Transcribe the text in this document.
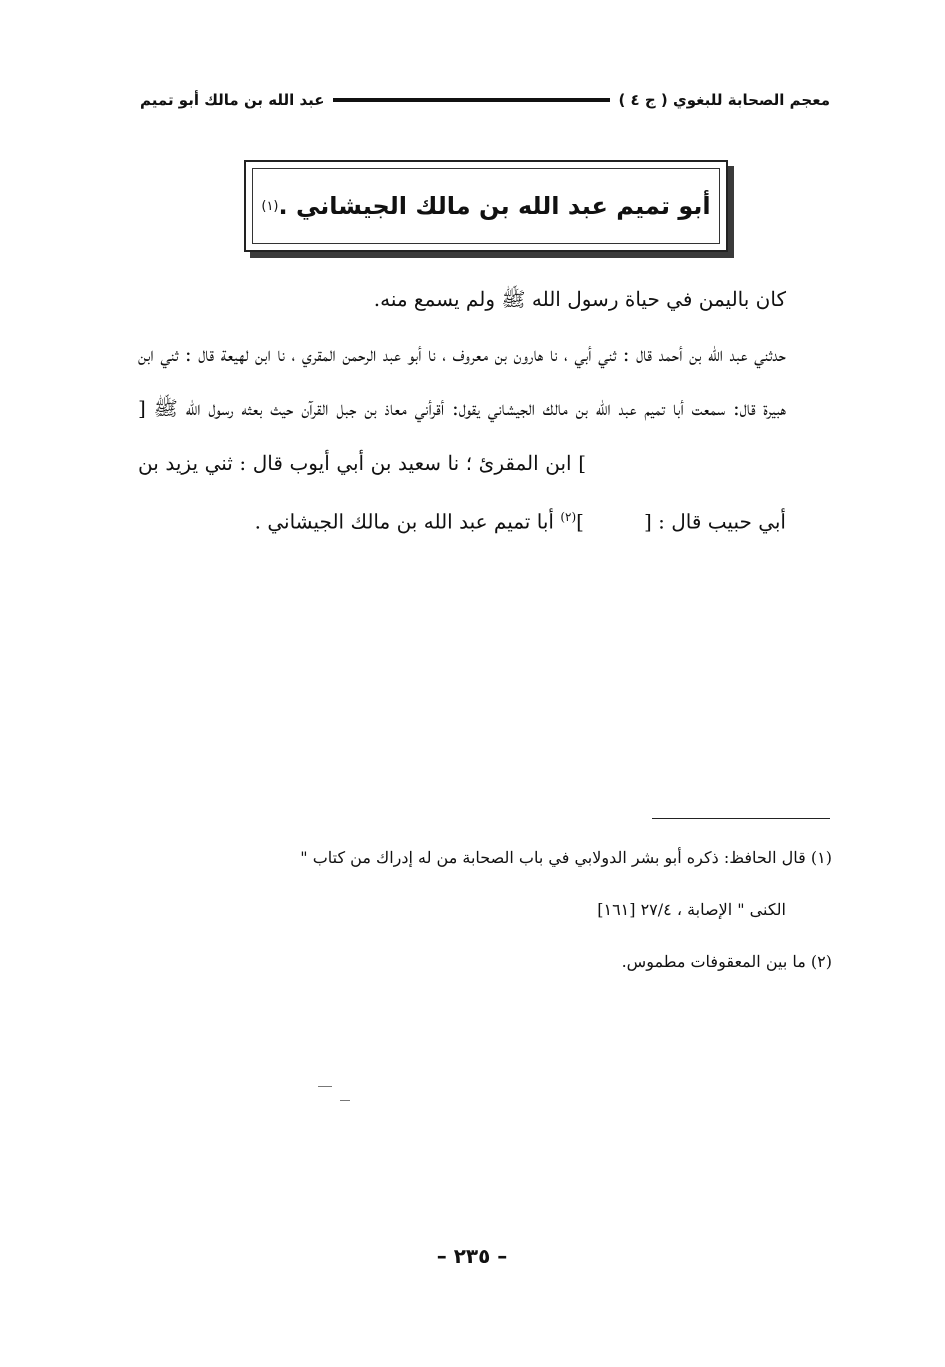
معجم الصحابة للبغوي ( ج ٤ )
عبد الله بن مالك أبو تميم
أبو تميم عبد الله بن مالك الجيشاني .
(١)

كان باليمن في حياة رسول الله ﷺ ولم يسمع منه.

حدثني عبد الله بن أحمد قال : ثني أبي ، نا هارون بن معروف ، نا أبو عبد الرحمن المقري ، نا ابن لهيعة قال : ثني ابن هبيرة قال: سمعت أبا تميم عبد الله بن مالك الجيشاني يقول: أقرأني معاذ بن جبل القرآن حيث بعثه رسول الله ﷺ [] ابن المقرئ ؛ نا سعيد بن أبي أيوب قال : ثني يزيد بن أبي حبيب قال : []$^{(٢)}$ أبا تميم عبد الله بن مالك الجيشاني .

(١) قال الحافظ: ذكره أبو بشر الدولابي في باب الصحابة من له إدراك من كتاب "

الكنى " الإصابة ، ٢٧/٤ [١٦١]

(٢) ما بين المعقوفات مطموس.

– ٢٣٥ –
